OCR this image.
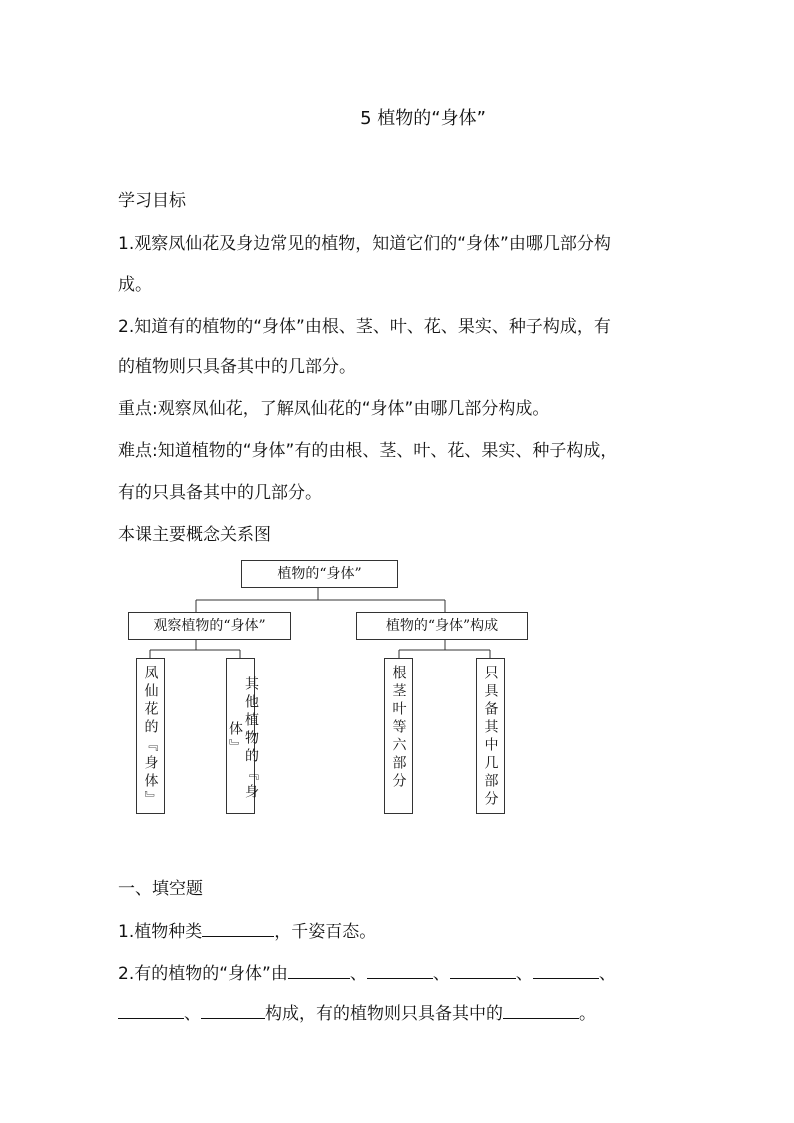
5 植物的“身体”
学习目标
1.观察凤仙花及身边常见的植物，知道它们的“身体”由哪几部分构
成。
2.知道有的植物的“身体”由根、茎、叶、花、果实、种子构成，有
的植物则只具备其中的几部分。
重点:观察凤仙花，了解凤仙花的“身体”由哪几部分构成。
难点:知道植物的“身体”有的由根、茎、叶、花、果实、种子构成，
有的只具备其中的几部分。
本课主要概念关系图
植物的“身体”
观察植物的“身体”	植物的“身体”构成
凤仙花的『身体』	其他植物的『身体』	根茎叶等六部分	只具备其中几部分
一、填空题
1.植物种类	，千姿百态。
2.有的植物的“身体”由	、	、	、	、
、	构成，有的植物则只具备其中的	。
